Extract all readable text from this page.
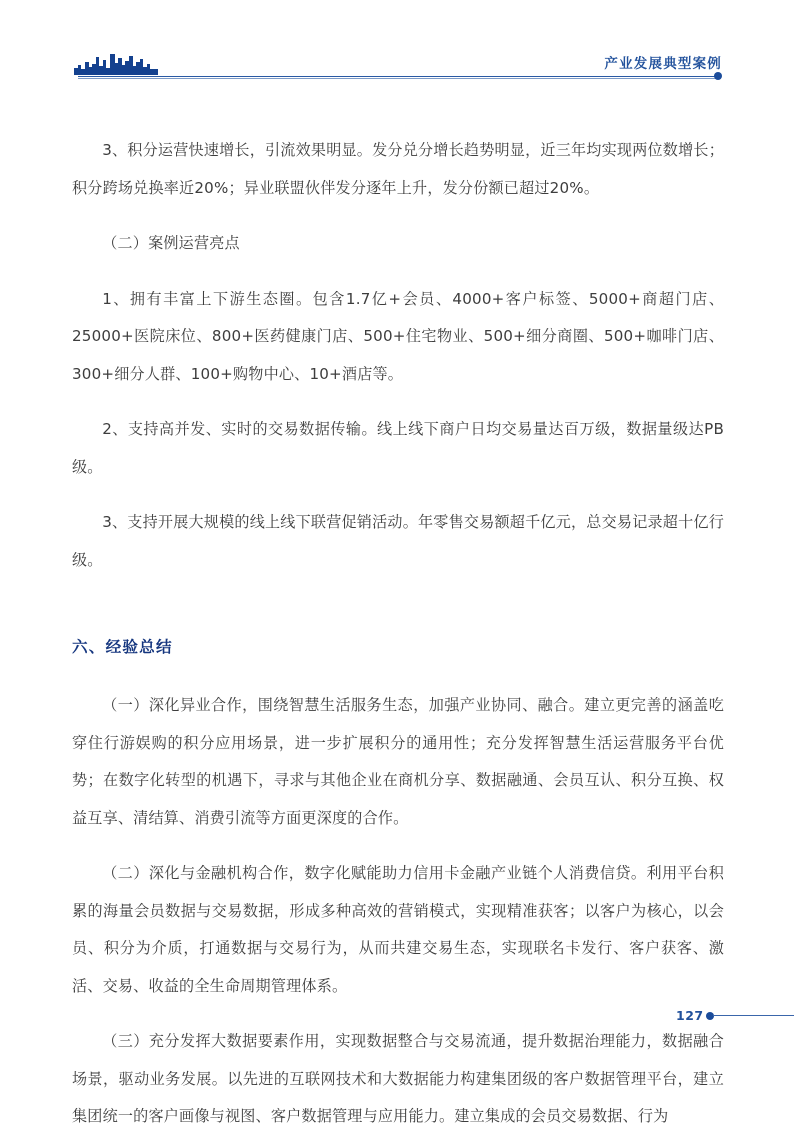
产业发展典型案例

3、积分运营快速增长，引流效果明显。发分兑分增长趋势明显，近三年均实现两位数增长；积分跨场兑换率近20%；异业联盟伙伴发分逐年上升，发分份额已超过20%。

（二）案例运营亮点

1、拥有丰富上下游生态圈。包含1.7亿+会员、4000+客户标签、5000+商超门店、25000+医院床位、800+医药健康门店、500+住宅物业、500+细分商圈、500+咖啡门店、300+细分人群、100+购物中心、10+酒店等。

2、支持高并发、实时的交易数据传输。线上线下商户日均交易量达百万级，数据量级达PB级。

3、支持开展大规模的线上线下联营促销活动。年零售交易额超千亿元，总交易记录超十亿行级。

六、经验总结

（一）深化异业合作，围绕智慧生活服务生态，加强产业协同、融合。建立更完善的涵盖吃穿住行游娱购的积分应用场景，进一步扩展积分的通用性；充分发挥智慧生活运营服务平台优势；在数字化转型的机遇下，寻求与其他企业在商机分享、数据融通、会员互认、积分互换、权益互享、清结算、消费引流等方面更深度的合作。

（二）深化与金融机构合作，数字化赋能助力信用卡金融产业链个人消费信贷。利用平台积累的海量会员数据与交易数据，形成多种高效的营销模式，实现精准获客；以客户为核心，以会员、积分为介质，打通数据与交易行为，从而共建交易生态，实现联名卡发行、客户获客、激活、交易、收益的全生命周期管理体系。

（三）充分发挥大数据要素作用，实现数据整合与交易流通，提升数据治理能力，数据融合场景，驱动业务发展。以先进的互联网技术和大数据能力构建集团级的客户数据管理平台，建立集团统一的客户画像与视图、客户数据管理与应用能力。建立集成的会员交易数据、行为

127
